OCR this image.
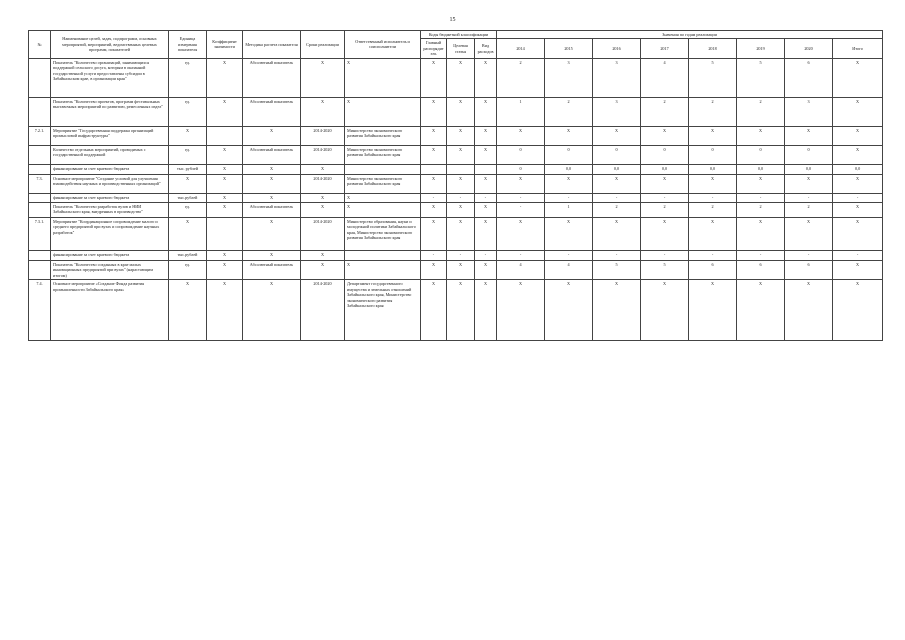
15
№	Наименование целей, задач, подпрограмм, основных мероприятий, мероприятий, ведомственных целевых программ, показателей	Единица измерения показателя	Коэффициент значимости	Методика расчета показателя	Сроки реализации	Ответственный исполнитель и соисполнители	Коды бюджетной классификации			Значения по годам реализации							
							Главный распорядитель	Целевая статья	Вид расходов	2014	2015	2016	2017	2018	2019	2020	Итого
	Показатель "Количество организаций, занимающихся поддержкой сельского досуга, которым в оказанной государственной услуги предоставлены субсидии в Забайкальском крае, в организации края"	ед.	Х	Абсолютный показатель	Х	Х	Х	Х	Х	2	3	3	4	5	5	6	Х
	Показатель "Количество проектов, программ фестивальных выставочных мероприятий по развитию, ремесленных издел"	ед.	Х	Абсолютный показатель	Х	Х	Х	Х	Х	1	2	3	2	2	2	3	Х
7.2.1.	Мероприятие "Государственная поддержка организаций промысловой инфраструктуры"	Х		Х	2014-2020	Министерство экономического развития Забайкальского края	Х	Х	Х	Х	Х	Х	Х	Х	Х	Х	Х
	Количество отдельных мероприятий, проводимых с государственной поддержкой	ед.	Х	Абсолютный показатель	2014-2020	Министерство экономического развития Забайкальского края	Х	Х	Х	0	0	0	0	0	0	0	Х
	финансирование за счет краевого бюджета	тыс. рублей	Х	Х	Х					0	0,0	0,0	0,0	0,0	0,0	0,0	0,0
7.3.	Основное мероприятие "Создание условий для улучшения взаимодействия научных и производственных организаций"	Х	Х	Х	2014-2020	Министерство экономического развития Забайкальского края	Х	Х	Х	Х	Х	Х	Х	Х	Х	Х	Х
	финансирование за счет краевого бюджета	тыс.рублей	Х	Х	Х	Х	-	-	-	-	-	-	-	-	-	-	-
	Показатель "Количество разработок вузов и НИИ Забайкальского края, внедренных в производство"	ед.	Х	Абсолютный показатель	Х	Х	Х	Х	Х	-	1	2	2	2	2	2	Х
7.3.1.	Мероприятие "Координационное сопровождение малого и среднего предприятий при вузах и сопровождение научных разработок"	Х		Х	2014-2020	Министерство образования, науки и молодежной политики Забайкальского края, Министерство экономического развития Забайкальского края	Х	Х	Х	Х	Х	Х	Х	Х	Х	Х	Х
	финансирование за счет краевого бюджета	тыс.рублей	Х	Х	Х		-	-	-	-	-	-	-	-	-	-	-
	Показатель "Количество созданных в крае малых инновационных предприятий при вузах" (нарастающим итогом)	ед.	Х	Абсолютный показатель	Х	Х	Х	Х	Х	4	4	5	5	6	6	6	Х
7.4.	Основное мероприятие «Создание Фонда развития промышленности Забайкальского края»	Х	Х	Х	2014-2020	Департамент государственного имущества и земельных отношений Забайкальского края, Министерство экономического развития Забайкальского края	Х	Х	Х	Х	Х	Х	Х	Х	Х	Х	Х
